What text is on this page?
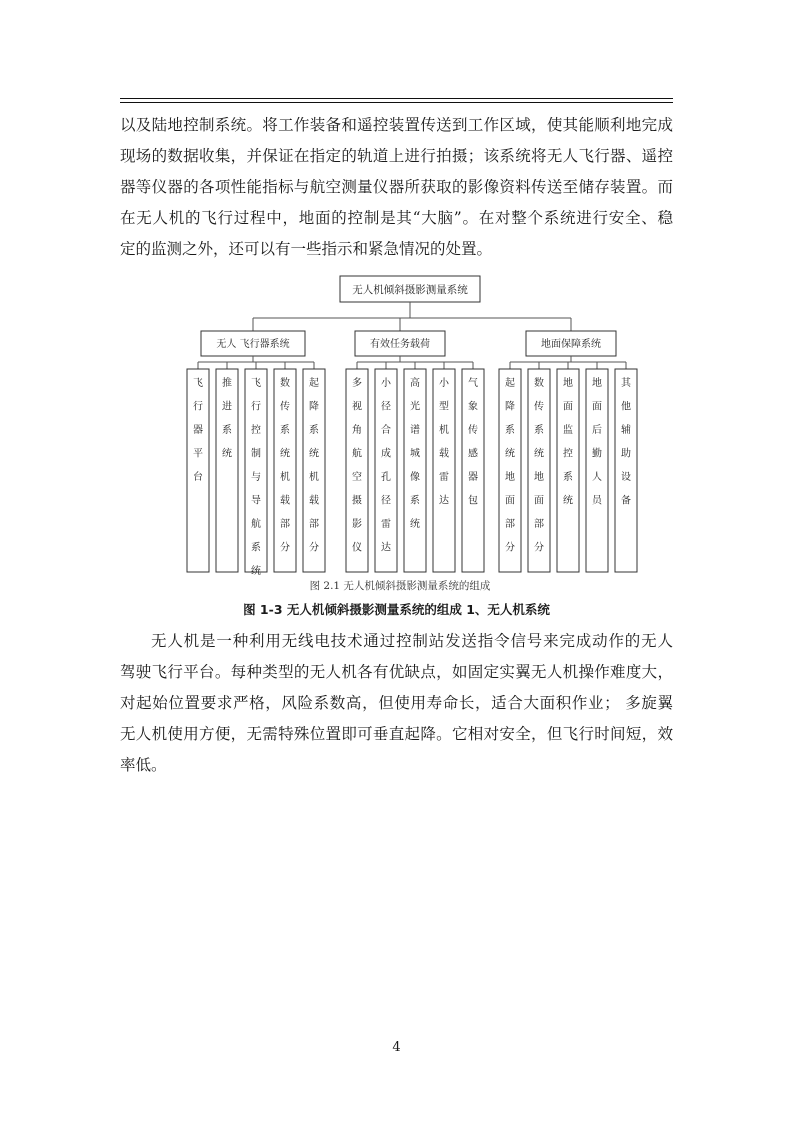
以及陆地控制系统。将工作装备和遥控装置传送到工作区域，使其能顺利地完成
现场的数据收集，并保证在指定的轨道上进行拍摄；该系统将无人飞行器、遥控
器等仪器的各项性能指标与航空测量仪器所获取的影像资料传送至储存装置。而
在无人机的飞行过程中，地面的控制是其“大脑”。在对整个系统进行安全、稳
定的监测之外，还可以有一些指示和紧急情况的处置。
无人机倾斜摄影测量系统
无人 飞行器系统
飞
行
器
平
台
推
进
系
统
飞
行
控
制
与
导
航
系
统
数
传
系
统
机
载
部
分
起
降
系
统
机
载
部
分
有效任务载荷
多
视
角
航
空
摄
影
仪
小
径
合
成
孔
径
雷
达
高
光
谱
城
像
系
统
小
型
机
载
雷
达
气
象
传
感
器
包
地面保障系统
起
降
系
统
地
面
部
分
数
传
系
统
地
面
部
分
地
面
监
控
系
统
地
面
后
勤
人
员
其
他
辅
助
设
备
图 2.1 无人机倾斜摄影测量系统的组成
图 1-3 无人机倾斜摄影测量系统的组成 1、无人机系统
无人机是一种利用无线电技术通过控制站发送指令信号来完成动作的无人
驾驶飞行平台。每种类型的无人机各有优缺点，如固定实翼无人机操作难度大，
对起始位置要求严格，风险系数高，但使用寿命长，适合大面积作业； 多旋翼
无人机使用方便，无需特殊位置即可垂直起降。它相对安全，但飞行时间短，效
率低。
4
